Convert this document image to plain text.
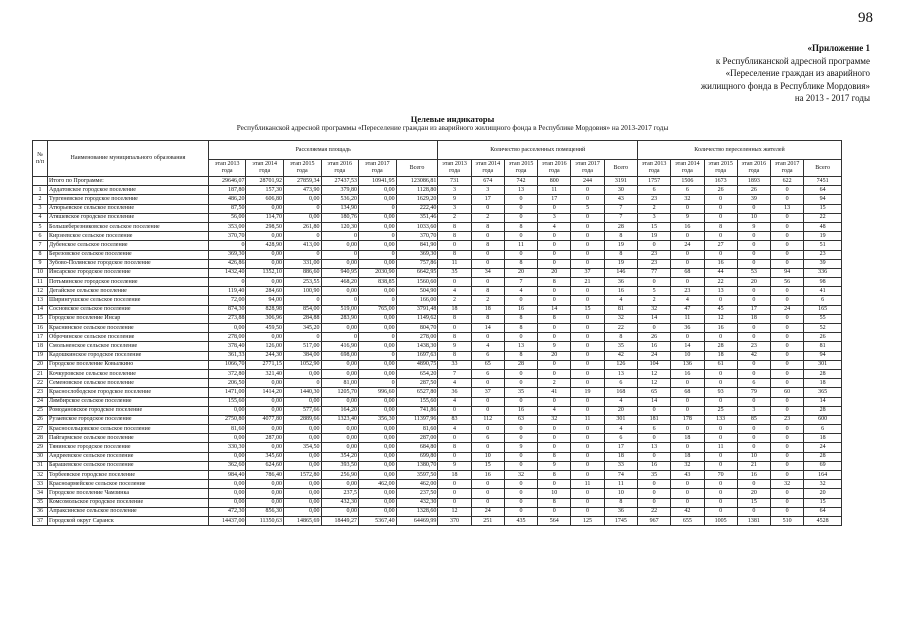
98
«Приложение 1
к Республиканской адресной программе
«Переселение граждан из аварийного
жилищного фонда в Республике Мордовия»
на 2013 - 2017 годы
Целевые индикаторы
Республиканской адресной программы «Переселение граждан из аварийного жилищного фонда в Республике Мордовия» на 2013-2017 годы
№ п/п	Наименование муниципального образования	Расселяемая площадь						Количество расселенных помещений						Количество переселенных жителей					
		этап 2013 года	этап 2014 года	этап 2015 года	этап 2016 года	этап 2017 года	Всего	этап 2013 года	этап 2014 года	этап 2015 года	этап 2016 года	этап 2017 года	Всего	этап 2013 года	этап 2014 года	этап 2015 года	этап 2016 года	этап 2017 года	Всего
	Итого по Программе:	29646,07	28701,92	27859,34	27437,53	10941,95	123086,81	731	674	742	800	244	3191	1757	1506	1673	1893	622	7451
1	Ардатовское городское поселение	187,80	157,30	473,90	379,80	0,00	1128,80	3	3	13	11	0	30	6	6	26	26	0	64
2	Тургеневское городское поселение	486,20	606,80	0,00	536,20	0,00	1629,20	9	17	0	17	0	43	23	32	0	39	0	94
3	Атюрьевское сельское поселение	87,50	0,00	0	134,90	0	222,40	3	0	0	0	5	7	2	0	0	0	13	15
4	Атяшевское городское поселение	56,00	114,70	0,00	180,76	0,00	351,46	2	2	0	3	0	7	3	9	0	10	0	22
5	Большеберезниковское сельское поселение	353,00	298,50	261,80	120,30	0,00	1033,60	8	8	8	4	0	28	15	16	8	9	0	48
6	Кирзеевское сельское поселение	370,70	0,00	0	0	0	370,70	8	0	0	0	0	8	19	0	0	0	0	19
7	Дубенское сельское поселение	0	428,90	413,00	0,00	0,00	841,90	0	8	11	0	0	19	0	24	27	0	0	51
8	Березовское сельское поселение	369,30	0,00	0	0	0	369,30	8	0	0	0	0	8	23	0	0	0	0	23
9	Зубово-Полянское городское поселение	426,86	0,00	331,00	0,00	0,00	757,86	11	0	8	0	0	19	23	0	16	0	0	39
10	Инсарское городское поселение	1432,40	1352,10	886,60	940,95	2030,90	6642,95	35	34	20	20	37	146	77	68	44	53	94	336
11	Потьминское городское поселение	0	0,00	253,55	468,20	838,85	1560,60	0	0	7	8	21	36	0	0	22	20	56	98
12	Дегайское сельское поселение	119,40	284,60	100,90	0,00	0,00	504,90	4	8	4	0	0	16	5	23	13	0	0	41
13	Ширингушское сельское поселение	72,00	94,00	0	0	0	166,00	2	2	0	0	0	4	2	4	0	0	0	6
14	Сосновское сельское поселение	874,30	828,98	854,00	519,00	765,00	3791,48	18	18	16	14	15	81	32	47	45	17	24	165
15	Городское поселение Инсар	273,88	306,96	284,88	283,90	0,00	1149,62	8	8	8	8	0	32	14	11	12	18	0	55
16	Краснинское сельское поселение	0,00	459,50	345,20	0,00	0,00	804,70	0	14	8	0	0	22	0	36	16	0	0	52
17	Оброчинское сельское поселение	278,00	0,00	0	0	0	278,00	8	0	0	0	0	8	26	0	0	0	0	26
18	Смольненское сельское поселение	378,40	126,00	517,00	416,90	0,00	1438,30	9	4	13	9	0	35	16	14	28	23	0	81
19	Кадошкинское городское поселение	361,33	244,30	384,00	698,00	0	1697,63	8	6	8	20	0	42	24	10	18	42	0	94
20	Городское поселение Ковылкино	1066,70	2771,15	1052,90	0,00	0,00	4890,75	33	65	28	0	0	126	104	136	61	0	0	301
21	Кочкуровское сельское поселение	372,80	321,40	0,00	0,00	0,00	654,20	7	6	0	0	0	13	12	16	0	0	0	28
22	Семеновское сельское поселение	206,50	0,00	0	81,00	0	287,50	4	0	0	2	0	6	12	0	0	6	0	18
23	Краснослободское городское поселение	1471,00	1414,20	1440,30	1205,70	996,60	6527,80	36	37	35	41	19	168	65	68	93	79	60	365
24	Лямбирское сельское поселение	155,60	0,00	0,00	0,00	0,00	155,60	4	0	0	0	0	4	14	0	0	0	0	14
25	Ромодановское городское поселение	0,00	0,00	577,66	164,20	0,00	741,86	0	0	16	4	0	20	0	0	25	3	0	28
26	Рузаевское городское поселение	2750,80	4077,80	2889,66	1323,40	356,30	11397,96	83	112	63	32	11	301	181	178	133	85	23	600
27	Красносельцовское сельское поселение	81,60	0,00	0,00	0,00	0,00	81,60	4	0	0	0	0	4	6	0	0	0	0	6
28	Пайгармское сельское поселение	0,00	287,00	0,00	0,00	0,00	287,00	0	6	0	0	0	6	0	18	0	0	0	18
29	Тянинское городское поселение	330,30	0,00	354,50	0,00	0,00	684,80	8	0	9	0	0	17	13	0	11	0	0	24
30	Андреевское сельское поселение	0,00	345,60	0,00	354,20	0,00	699,80	0	10	0	8	0	18	0	18	0	10	0	28
31	Барашевское сельское поселение	362,60	624,60	0,00	393,50	0,00	1380,70	9	15	0	9	0	33	16	32	0	21	0	69
32	Торбеевское городское поселение	984,40	786,40	1572,80	256,90	0,00	3597,50	18	16	32	8	0	74	35	43	70	16	0	164
33	Красноармейское сельское поселение	0,00	0,00	0,00	0,00	462,00	462,00	0	0	0	0	11	11	0	0	0	0	32	32
34	Городское поселение Чамзинка	0,00	0,00	0,00	237,5	0,00	237,50	0	0	0	10	0	10	0	0	0	20	0	20
35	Комсомольское городское поселение	0,00	0,00	0,00	432,30	0,00	432,30	0	0	0	8	0	8	0	0	0	15	0	15
36	Апраксинское сельское поселение	472,30	856,30	0,00	0,00	0,00	1328,60	12	24	0	0	0	36	22	42	0	0	0	64
37	Городской округ Саранск	14437,00	11350,63	14865,69	18449,27	5367,40	64469,99	370	251	435	564	125	1745	967	655	1005	1381	510	4528
